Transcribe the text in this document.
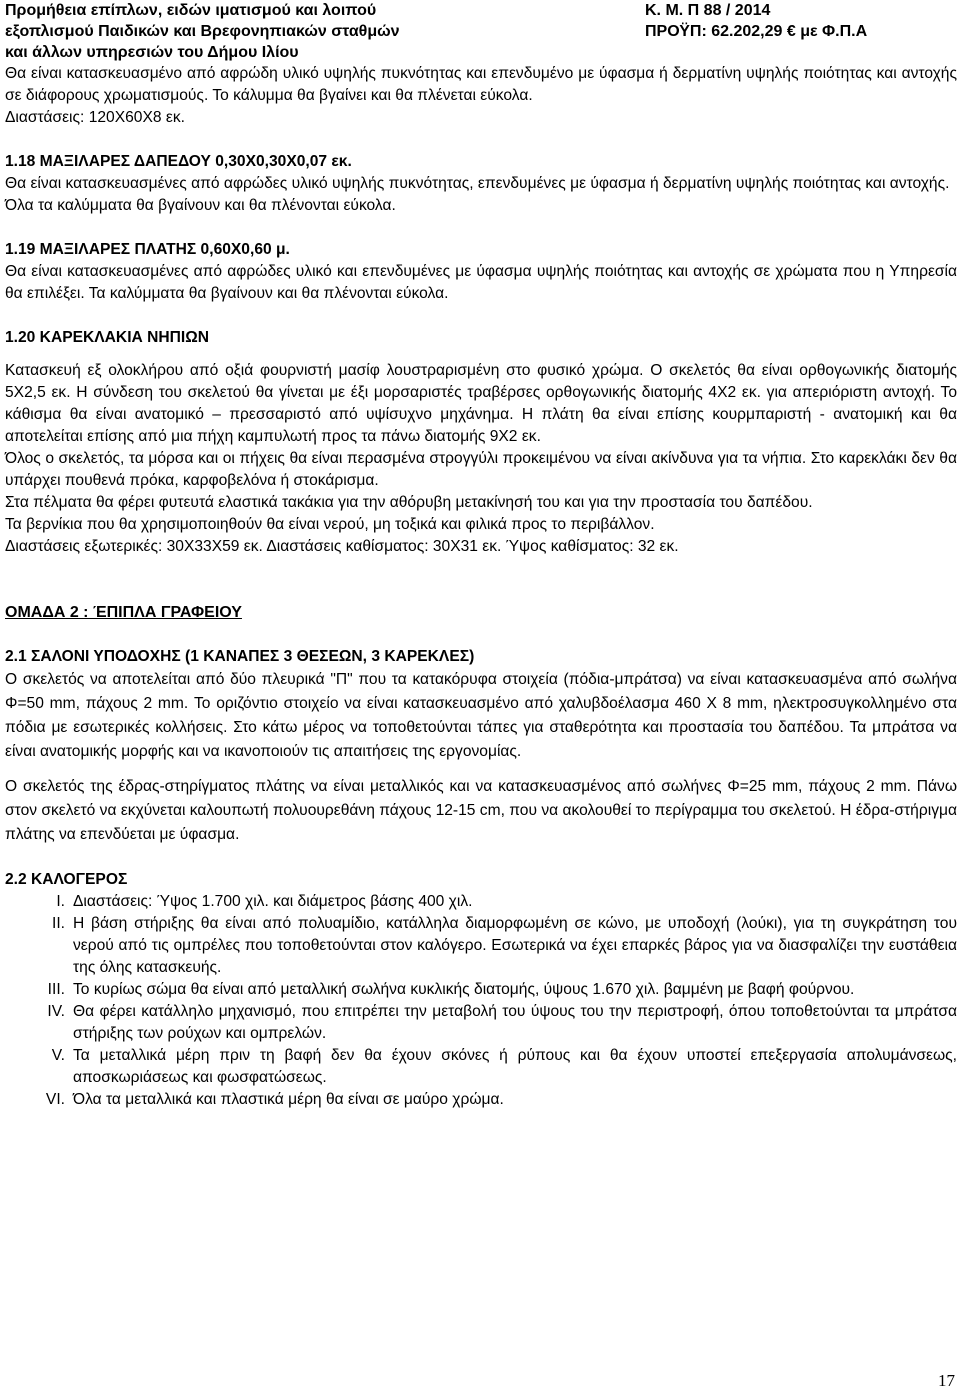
Προμήθεια επίπλων, ειδών ιματισμού και λοιπού	Κ. Μ. Π 88 / 2014
εξοπλισμού Παιδικών και Βρεφονηπιακών σταθμών	ΠΡΟΫΠ: 62.202,29 € με Φ.Π.Α
και άλλων υπηρεσιών του Δήμου Ιλίου

Θα είναι κατασκευασμένο από αφρώδη υλικό υψηλής πυκνότητας και επενδυμένο με ύφασμα ή δερματίνη υψηλής ποιότητας και αντοχής σε διάφορους χρωματισμούς. Το κάλυμμα θα βγαίνει και θα πλένεται εύκολα.

Διαστάσεις: 120Χ60Χ8 εκ.

1.18 ΜΑΞΙΛΑΡΕΣ ΔΑΠΕΔΟΥ 0,30Χ0,30Χ0,07 εκ.

Θα είναι κατασκευασμένες από αφρώδες υλικό υψηλής πυκνότητας, επενδυμένες με ύφασμα ή δερματίνη υψηλής ποιότητας και αντοχής.

Όλα τα καλύμματα θα βγαίνουν και θα πλένονται εύκολα.

1.19 ΜΑΞΙΛΑΡΕΣ ΠΛΑΤΗΣ 0,60Χ0,60 μ.

Θα είναι κατασκευασμένες από αφρώδες υλικό και επενδυμένες με ύφασμα υψηλής ποιότητας και αντοχής σε χρώματα που η Υπηρεσία θα επιλέξει. Τα καλύμματα θα βγαίνουν και θα πλένονται εύκολα.

1.20 ΚΑΡΕΚΛΑΚΙΑ ΝΗΠΙΩΝ

Κατασκευή εξ ολοκλήρου από οξιά φουρνιστή μασίφ λουστραρισμένη στο φυσικό χρώμα. Ο σκελετός θα είναι ορθογωνικής διατομής 5Χ2,5 εκ. Η σύνδεση του σκελετού θα γίνεται με έξι μορσαριστές τραβέρσες ορθογωνικής διατομής 4Χ2 εκ. για απεριόριστη αντοχή. Το κάθισμα θα είναι ανατομικό – πρεσσαριστό από υψίσυχνο μηχάνημα. Η πλάτη θα είναι επίσης κουρμπαριστή - ανατομική και θα αποτελείται επίσης από μια πήχη καμπυλωτή προς τα πάνω διατομής 9Χ2 εκ.

Όλος ο σκελετός, τα μόρσα και οι πήχεις θα είναι περασμένα στρογγύλι προκειμένου να είναι ακίνδυνα για τα νήπια. Στο καρεκλάκι δεν θα υπάρχει πουθενά πρόκα, καρφοβελόνα ή στοκάρισμα.

Στα πέλματα θα φέρει φυτευτά ελαστικά τακάκια για την αθόρυβη μετακίνησή του και για την προστασία του δαπέδου.

Τα βερνίκια που θα χρησιμοποιηθούν θα είναι νερού, μη τοξικά και φιλικά προς το περιβάλλον.

Διαστάσεις εξωτερικές: 30Χ33Χ59 εκ. Διαστάσεις καθίσματος: 30Χ31 εκ. Ύψος καθίσματος: 32 εκ.

ΟΜΑΔΑ 2 : ΈΠΙΠΛΑ ΓΡΑΦΕΙΟΥ

2.1 ΣΑΛΟΝΙ ΥΠΟΔΟΧΗΣ (1 ΚΑΝΑΠΕΣ 3 ΘΕΣΕΩΝ, 3 ΚΑΡΕΚΛΕΣ)

Ο σκελετός να αποτελείται από δύο πλευρικά "Π" που τα κατακόρυφα στοιχεία (πόδια-μπράτσα) να είναι κατασκευασμένα από σωλήνα Φ=50 mm, πάχους 2 mm. Το οριζόντιο στοιχείο να είναι κατασκευασμένο από χαλυβδοέλασμα 460 Χ 8 mm, ηλεκτροσυγκολλημένο στα πόδια με εσωτερικές κολλήσεις. Στο κάτω μέρος να τοποθετούνται τάπες για σταθερότητα και προστασία του δαπέδου. Τα μπράτσα να είναι ανατομικής μορφής και να ικανοποιούν τις απαιτήσεις της εργονομίας.

Ο σκελετός της έδρας-στηρίγματος πλάτης να είναι μεταλλικός και να κατασκευασμένος από σωλήνες Φ=25 mm, πάχους 2 mm. Πάνω στον σκελετό να εκχύνεται καλουπωτή πολυουρεθάνη πάχους 12-15 cm, που να ακολουθεί το περίγραμμα του σκελετού. Η έδρα-στήριγμα πλάτης να επενδύεται με ύφασμα.

2.2 ΚΑΛΟΓΕΡΟΣ

I. Διαστάσεις: Ύψος 1.700 χιλ. και διάμετρος βάσης 400 χιλ.
II. Η βάση στήριξης θα είναι από πολυαμίδιο, κατάλληλα διαμορφωμένη σε κώνο, με υποδοχή (λούκι), για τη συγκράτηση του νερού από τις ομπρέλες που τοποθετούνται στον καλόγερο. Εσωτερικά να έχει επαρκές βάρος για να διασφαλίζει την ευστάθεια της όλης κατασκευής.
III. Το κυρίως σώμα θα είναι από μεταλλική σωλήνα κυκλικής διατομής, ύψους 1.670 χιλ. βαμμένη με βαφή φούρνου.
IV. Θα φέρει κατάλληλο μηχανισμό, που επιτρέπει την μεταβολή του ύψους του την περιστροφή, όπου τοποθετούνται τα μπράτσα στήριξης των ρούχων και ομπρελών.
V. Τα μεταλλικά μέρη πριν τη βαφή δεν θα έχουν σκόνες ή ρύπους και θα έχουν υποστεί επεξεργασία απολυμάνσεως, αποσκωριάσεως και φωσφατώσεως.
VI. Όλα τα μεταλλικά και πλαστικά μέρη θα είναι σε μαύρο χρώμα.
17
